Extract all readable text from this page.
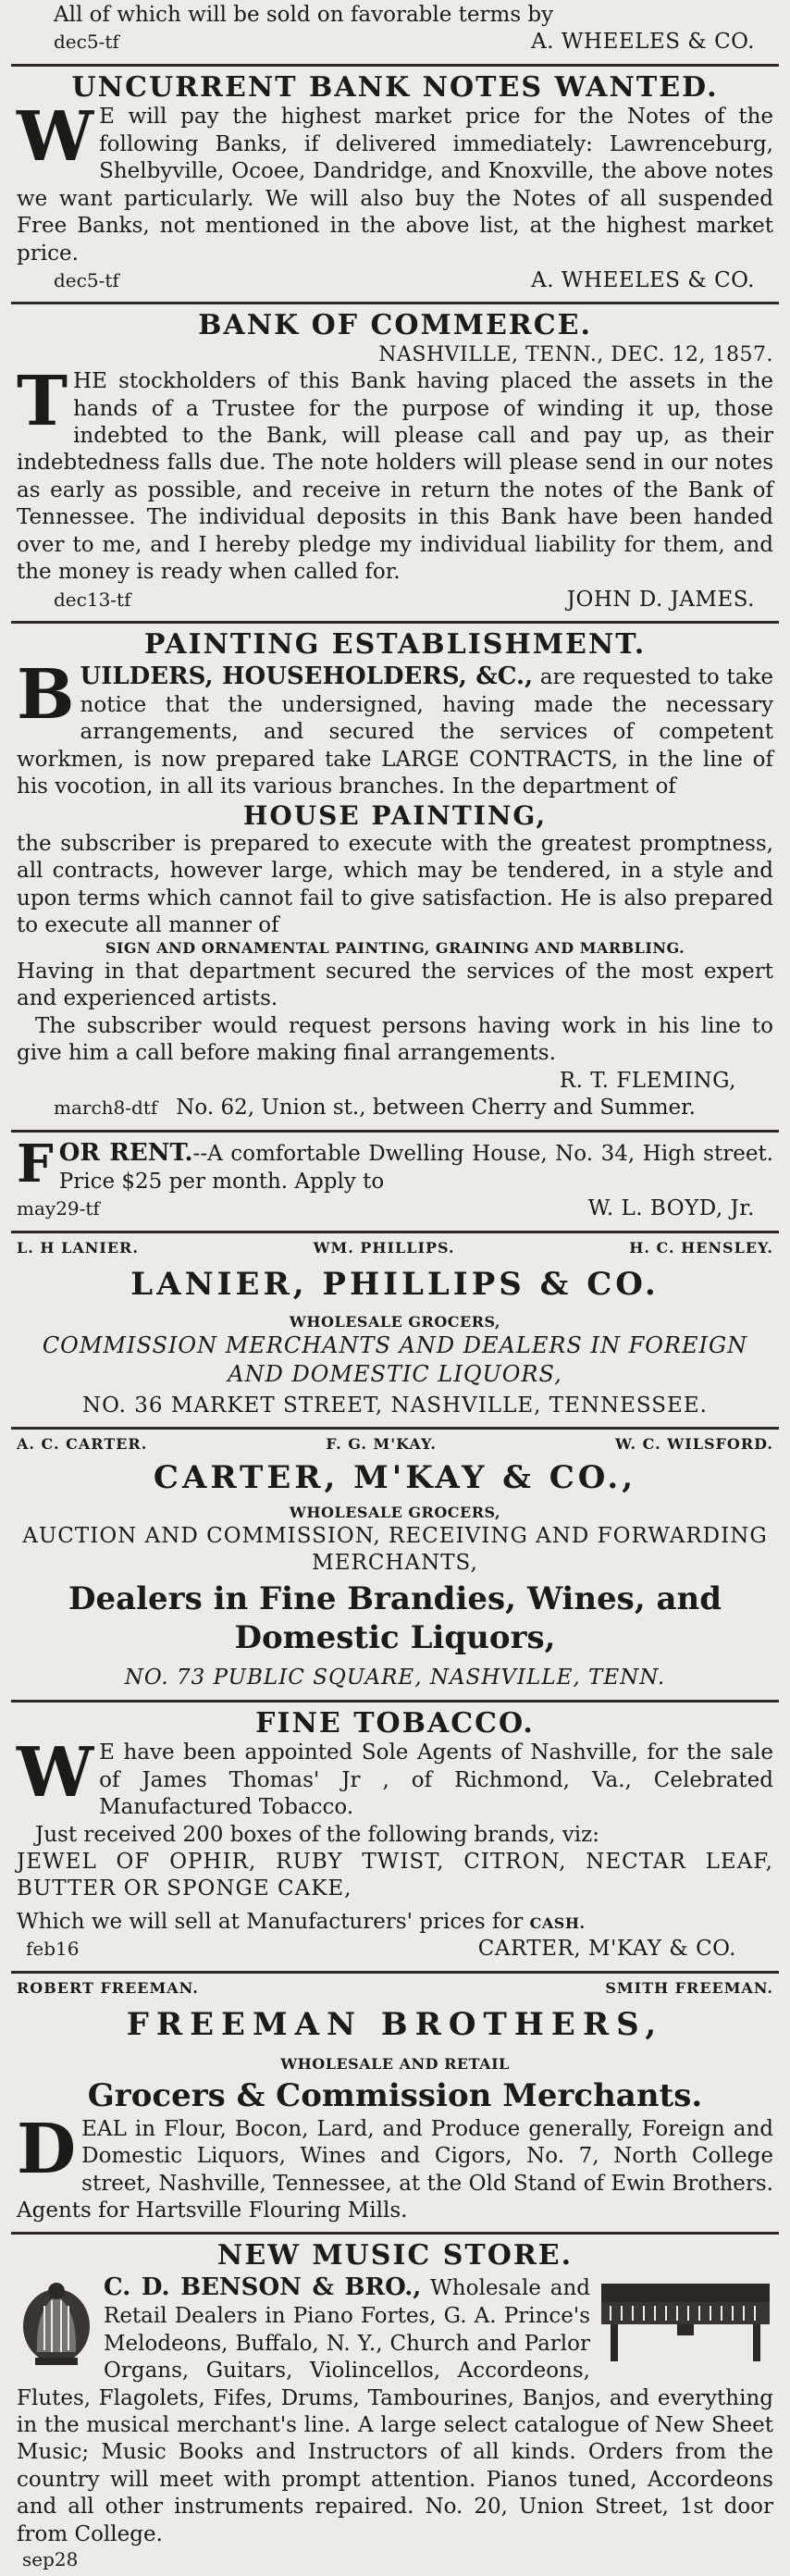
All of which will be sold on favorable terms by
dec5-tf	A. WHEELES & CO.
UNCURRENT BANK NOTES WANTED.

W E will pay the highest market price for the Notes of the following Banks, if delivered immediately: Lawrenceburg, Shelbyville, Ocoee, Dandridge, and Knoxville, the above notes we want particularly. We will also buy the Notes of all suspended Free Banks, not mentioned in the above list, at the highest market price.

dec5-tf	A. WHEELES & CO.
BANK OF COMMERCE.
NASHVILLE, TENN., DEC. 12, 1857.

THE stockholders of this Bank having placed the assets in the hands of a Trustee for the purpose of winding it up, those indebted to the Bank, will please call and pay up, as their indebtedness falls due. The note holders will please send in our notes as early as possible, and receive in return the notes of the Bank of Tennessee. The individual deposits in this Bank have been handed over to me, and I hereby pledge my individual liability for them, and the money is ready when called for.

dec13-tf	JOHN D. JAMES.
PAINTING ESTABLISHMENT.

BUILDERS, HOUSEHOLDERS, &C., are requested to take notice that the undersigned, having made the necessary arrangements, and secured the services of competent workmen, is now prepared take LARGE CONTRACTS, in the line of his vocotion, in all its various branches. In the department of

HOUSE PAINTING,

the subscriber is prepared to execute with the greatest promptness, all contracts, however large, which may be tendered, in a style and upon terms which cannot fail to give satisfaction. He is also prepared to execute all manner of

SIGN AND ORNAMENTAL PAINTING, GRAINING AND MARBLING.

Having in that department secured the services of the most expert and experienced artists.

The subscriber would request persons having work in his line to give him a call before making final arrangements.

R. T. FLEMING,
march8-dtf No. 62, Union st., between Cherry and Summer.

FOR RENT.--A comfortable Dwelling House, No. 34, High street. Price $25 per month. Apply to

may29-tf	W. L. BOYD, Jr.
L. H LANIER.	WM. PHILLIPS.	H. C. HENSLEY.
LANIER, PHILLIPS & CO.
WHOLESALE GROCERS,
COMMISSION MERCHANTS AND DEALERS IN FOREIGN AND DOMESTIC LIQUORS,
NO. 36 MARKET STREET, NASHVILLE, TENNESSEE.
A. C. CARTER.	F. G. M'KAY.	W. C. WILSFORD.
CARTER, M'KAY & CO.,
WHOLESALE GROCERS,
AUCTION AND COMMISSION, RECEIVING AND FORWARDING MERCHANTS,
Dealers in Fine Brandies, Wines, and Domestic Liquors,
NO. 73 PUBLIC SQUARE, NASHVILLE, TENN.
FINE TOBACCO.

W E have been appointed Sole Agents of Nashville, for the sale of James Thomas' Jr , of Richmond, Va., Celebrated Manufactured Tobacco.

Just received 200 boxes of the following brands, viz:
JEWEL OF OPHIR, RUBY TWIST, CITRON, NECTAR LEAF, BUTTER OR SPONGE CAKE,
Which we will sell at Manufacturers' prices for CASH.
feb16	CARTER, M'KAY & CO.
ROBERT FREEMAN.	SMITH FREEMAN.
FREEMAN BROTHERS,
WHOLESALE AND RETAIL
Grocers & Commission Merchants.

DEAL in Flour, Bocon, Lard, and Produce generally, Foreign and Domestic Liquors, Wines and Cigors, No. 7, North College street, Nashville, Tennessee, at the Old Stand of Ewin Brothers. Agents for Hartsville Flouring Mills.

NEW MUSIC STORE.

C. D. BENSON & BRO., Wholesale and Retail Dealers in Piano Fortes, G. A. Prince's Melodeons, Buffalo, N. Y., Church and Parlor Organs, Guitars, Violincellos, Accordeons, Flutes, Flagolets, Fifes, Drums, Tambourines, Banjos, and everything in the musical merchant's line. A large select catalogue of New Sheet Music; Music Books and Instructors of all kinds. Orders from the country will meet with prompt attention. Pianos tuned, Accordeons and all other instruments repaired. No. 20, Union Street, 1st door from College.

sep28
